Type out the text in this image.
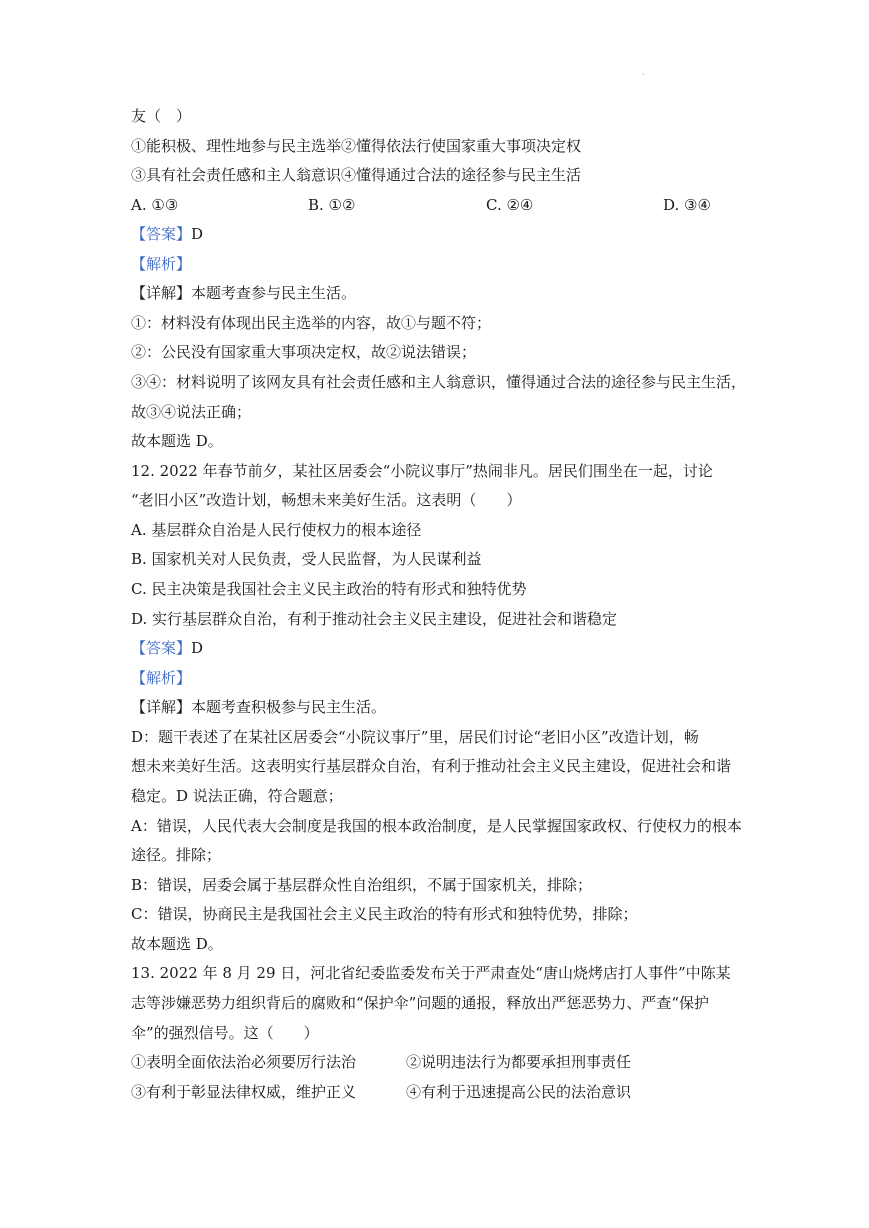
·
友（　）
①能积极、理性地参与民主选举②懂得依法行使国家重大事项决定权
③具有社会责任感和主人翁意识④懂得通过合法的途径参与民主生活
A. ①③	B. ①②	C. ②④	D. ③④
【答案】D
【解析】
【详解】本题考查参与民主生活。
①：材料没有体现出民主选举的内容，故①与题不符；
②：公民没有国家重大事项决定权，故②说法错误；
③④：材料说明了该网友具有社会责任感和主人翁意识，懂得通过合法的途径参与民主生活，
故③④说法正确；
故本题选 D。
12. 2022 年春节前夕，某社区居委会“小院议事厅”热闹非凡。居民们围坐在一起，讨论
“老旧小区”改造计划，畅想未来美好生活。这表明（　　）
A. 基层群众自治是人民行使权力的根本途径
B. 国家机关对人民负责，受人民监督，为人民谋利益
C. 民主决策是我国社会主义民主政治的特有形式和独特优势
D. 实行基层群众自治，有利于推动社会主义民主建设，促进社会和谐稳定
【答案】D
【解析】
【详解】本题考查积极参与民主生活。
D：题干表述了在某社区居委会“小院议事厅”里，居民们讨论“老旧小区”改造计划，畅
想未来美好生活。这表明实行基层群众自治，有利于推动社会主义民主建设，促进社会和谐
稳定。D 说法正确，符合题意；
A：错误，人民代表大会制度是我国的根本政治制度，是人民掌握国家政权、行使权力的根本
途径。排除；
B：错误，居委会属于基层群众性自治组织，不属于国家机关，排除；
C：错误，协商民主是我国社会主义民主政治的特有形式和独特优势，排除；
故本题选 D。
13. 2022 年 8 月 29 日，河北省纪委监委发布关于严肃查处“唐山烧烤店打人事件”中陈某
志等涉嫌恶势力组织背后的腐败和“保护伞”问题的通报，释放出严惩恶势力、严查“保护
伞”的强烈信号。这（　　）
①表明全面依法治必须要厉行法治	②说明违法行为都要承担刑事责任
③有利于彰显法律权威，维护正义	④有利于迅速提高公民的法治意识
